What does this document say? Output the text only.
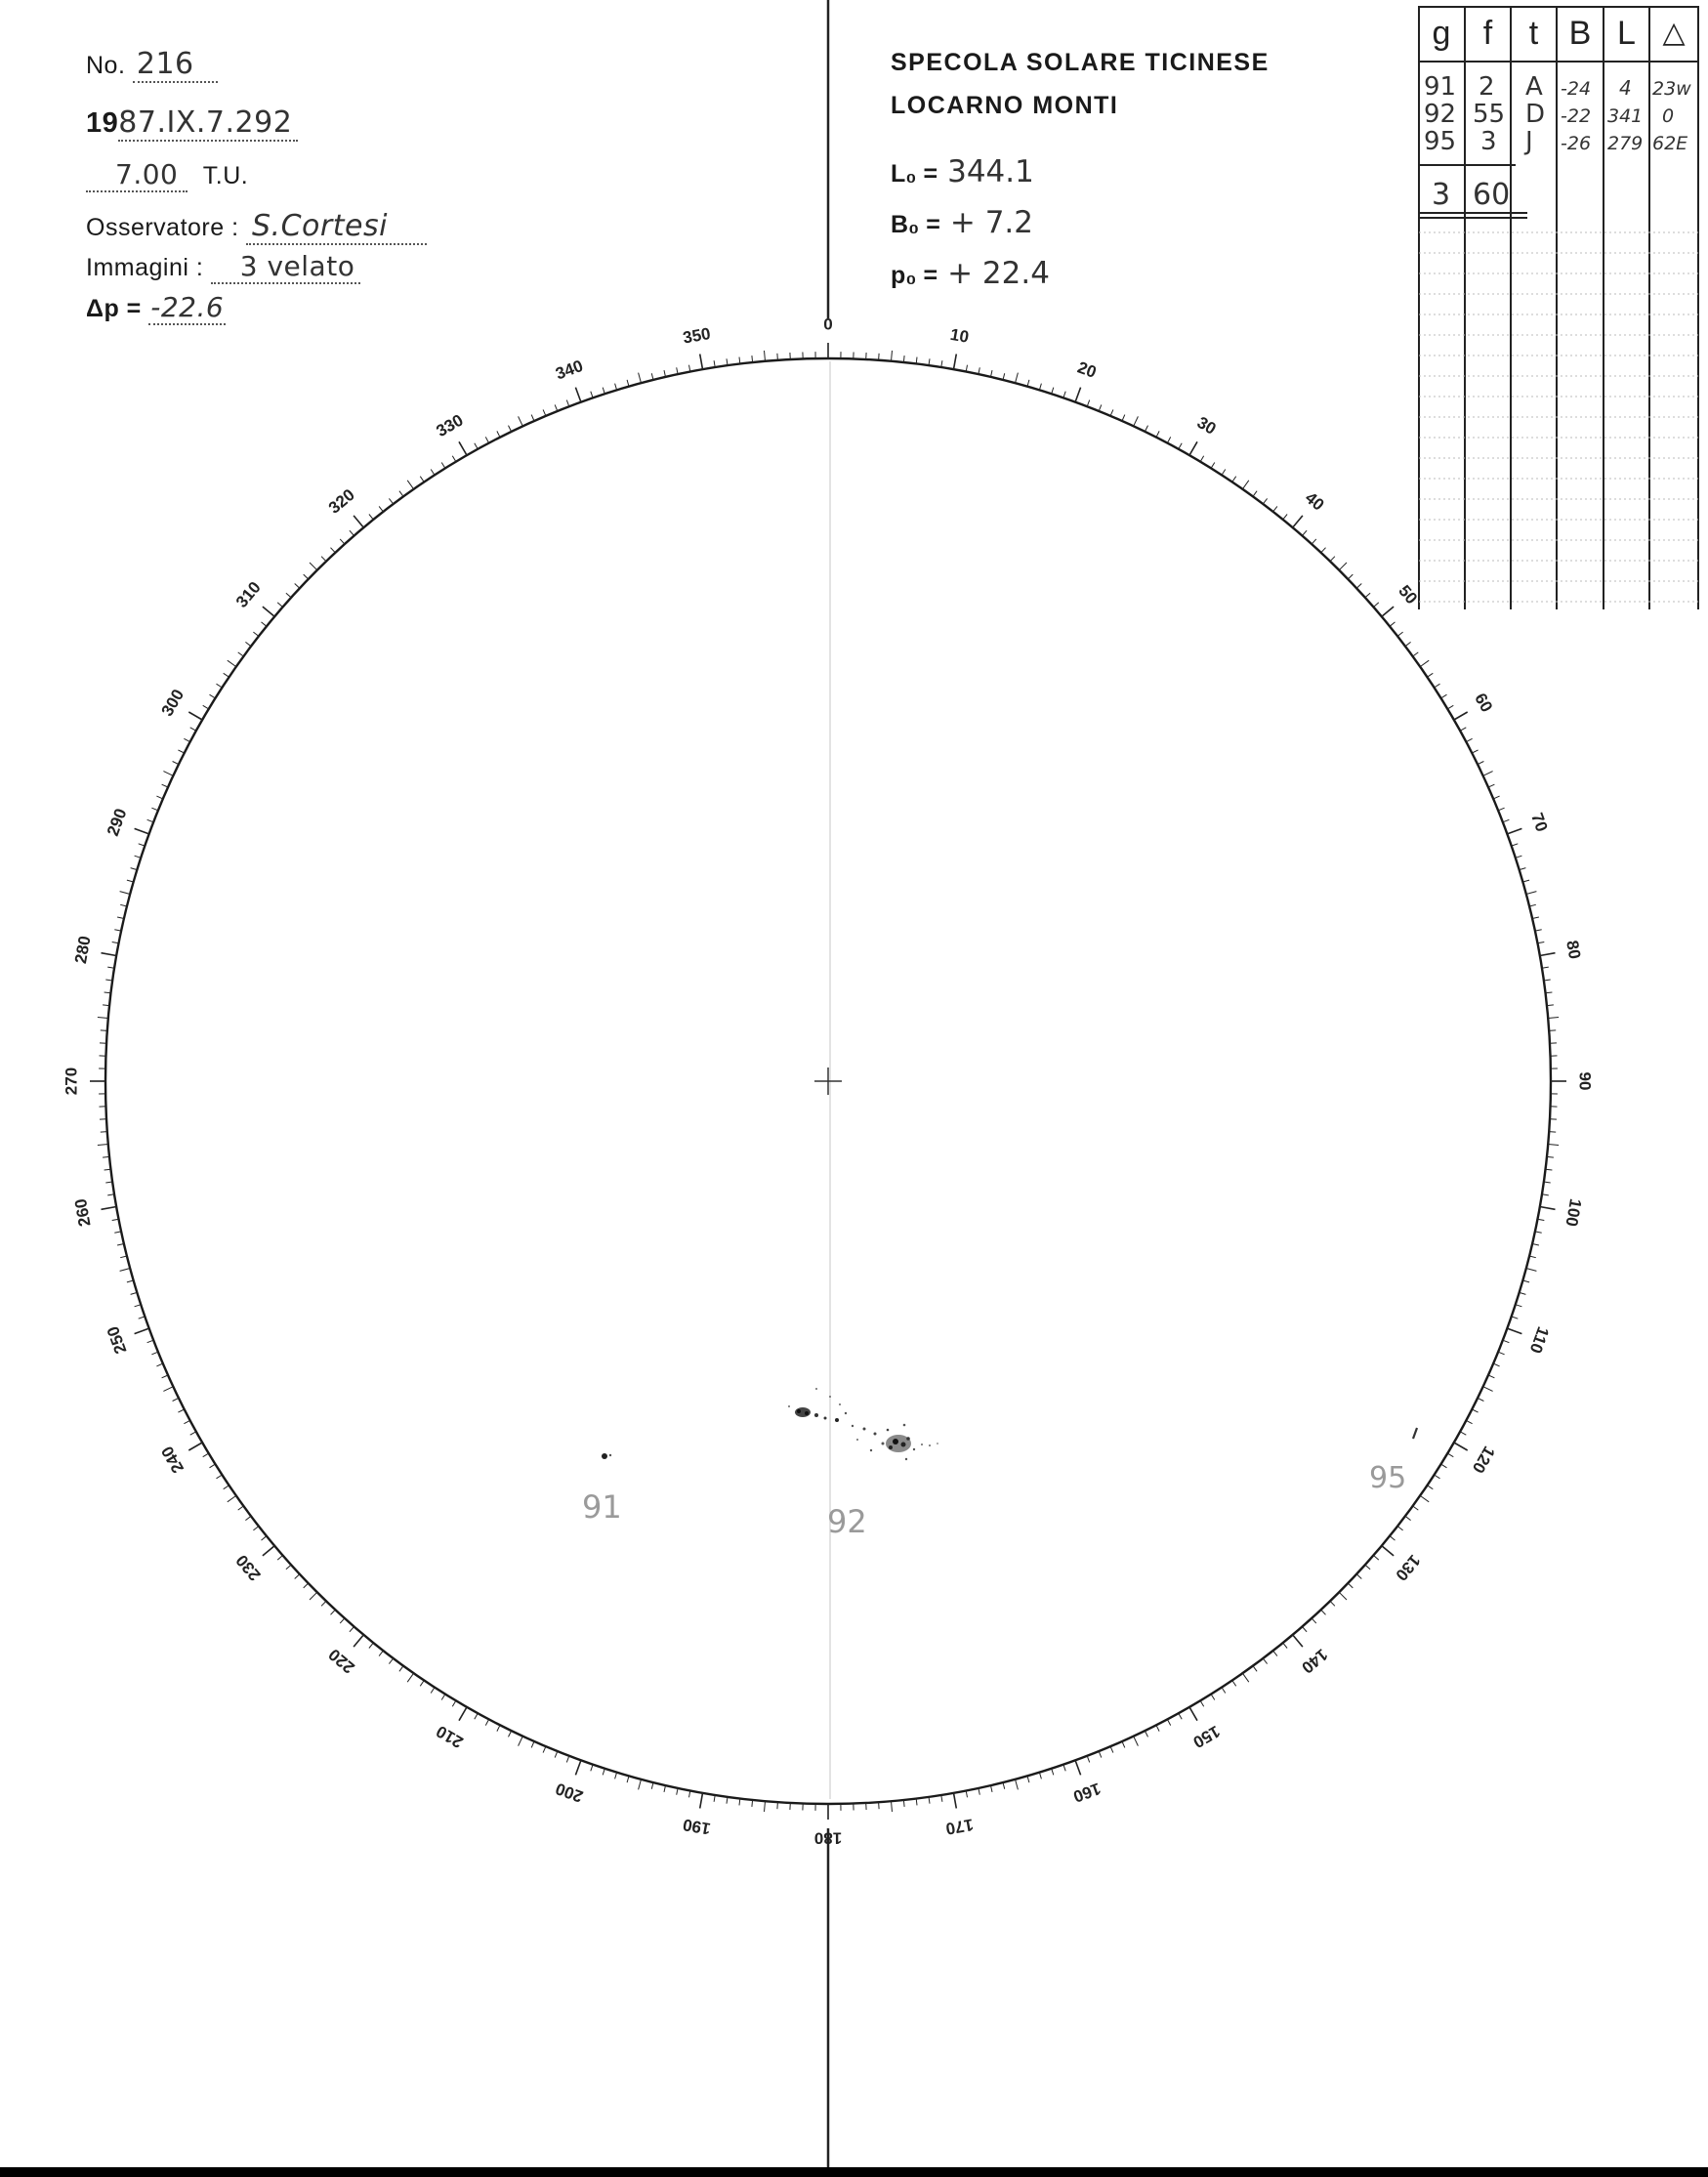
No. 216
1987.IX.7.292
7.00 T.U.
Osservatore : S.Cortesi
Immagini : 3 velato
Δp = -22.6
SPECOLA SOLARE TICINESE
LOCARNO MONTI
L₀ = 344.1
B₀ = + 7.2
p₀ = + 22.4
g f	t B L △
91 2 A -24 4 23w
92 55 D -22 341 0
95 3 J -26 279 62E
3 60
0
10
20
30
40
50
60
70
80
90
100
110
120
130
140
150
160
170
180
190
200
210
220
230
240
250
260
270
280
290
300
310
320
330
340
350
91	92
95
